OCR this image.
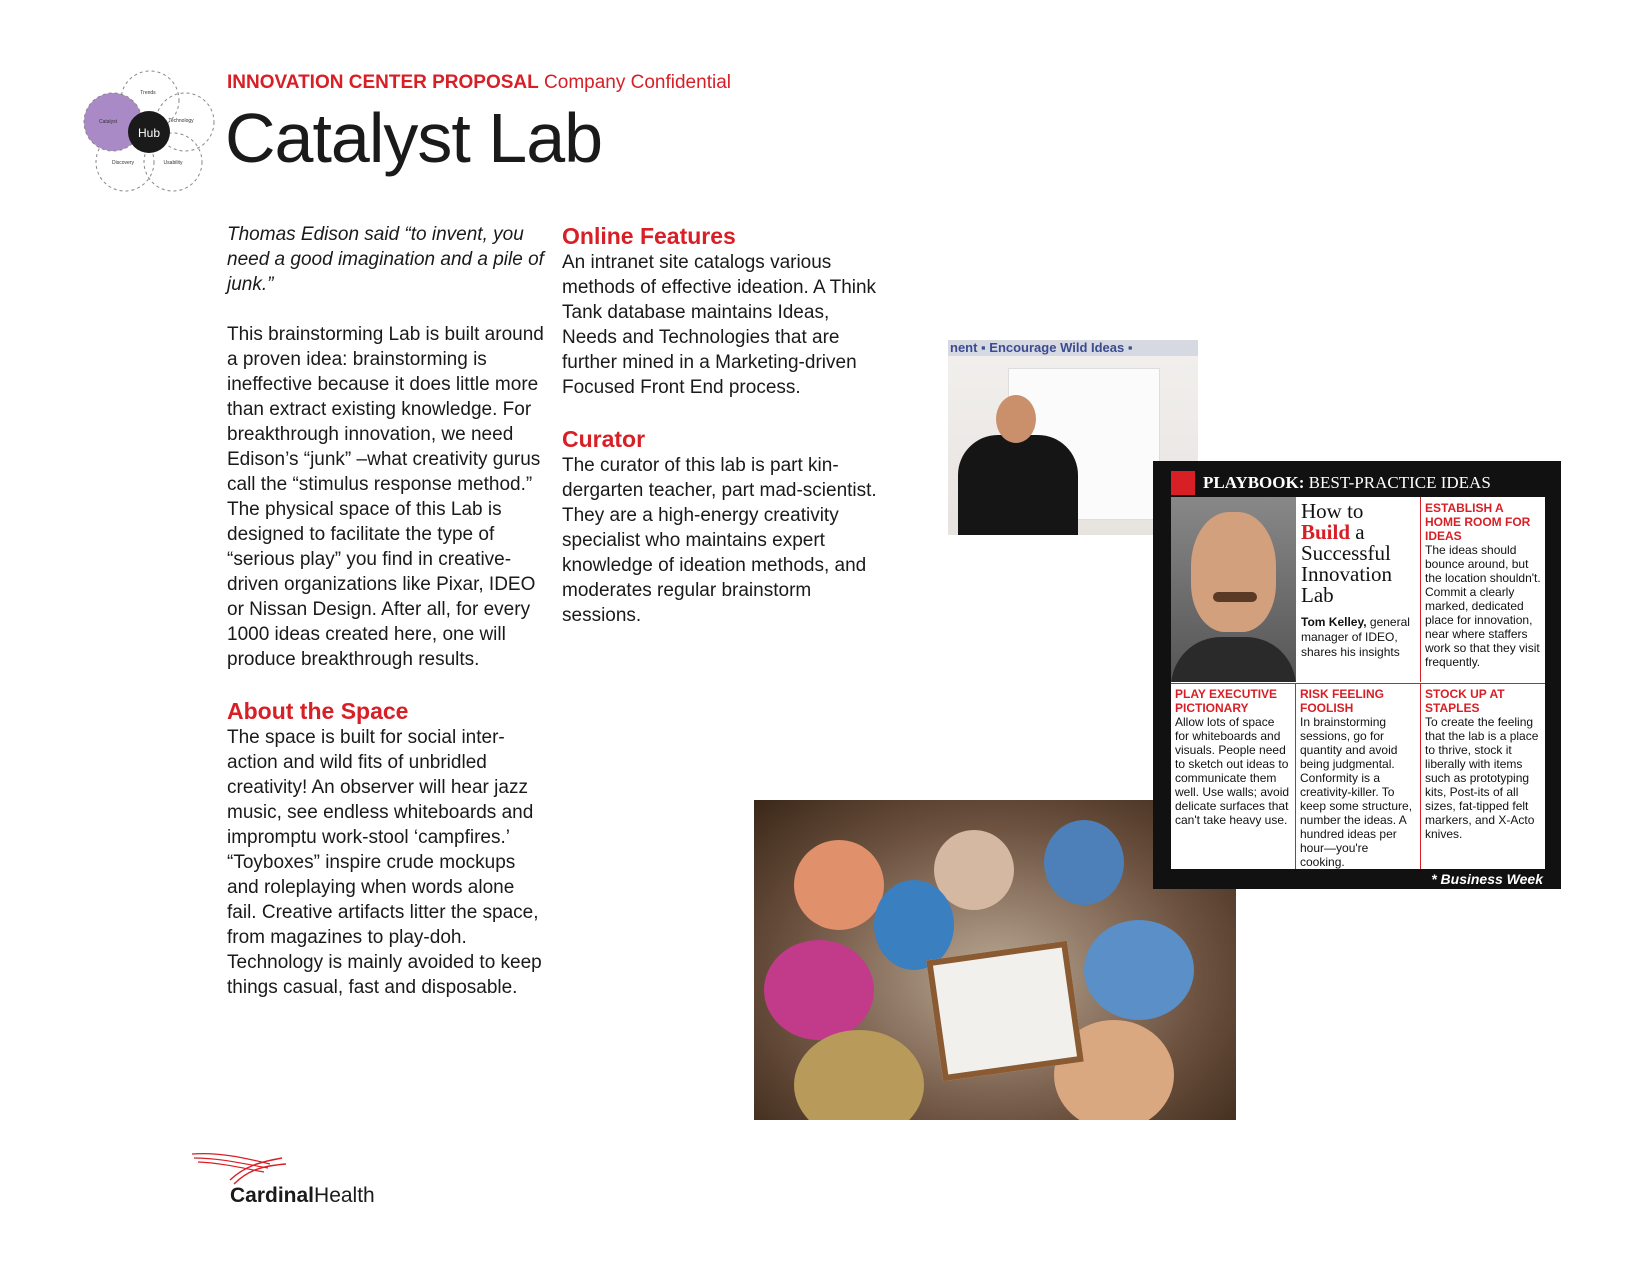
Hub
Trends
Technology
Usability
Discovery
Catalyst
INNOVATION CENTER PROPOSAL Company Confidential
Catalyst Lab

Thomas Edison said “to invent, you need a good imagination and a pile of junk.”

This brainstorming Lab is built around a proven idea: brainstorming is ineffective because it does little more than extract existing knowledge. For breakthrough innovation, we need Edison’s “junk” –what creativity gurus call the “stimulus response method.” The physical space of this Lab is designed to facilitate the type of “serious play” you find in creative-driven organizations like Pixar, IDEO or Nissan Design. After all, for every 1000 ideas created here, one will produce breakthrough results.

About the Space

The space is built for social interaction and wild fits of unbridled creativity! An observer will hear jazz music, see endless whiteboards and impromptu work-stool ‘campfires.’ “Toyboxes” inspire crude mockups and roleplaying when words alone fail. Creative artifacts litter the space, from magazines to play-doh. Technology is mainly avoided to keep things casual, fast and disposable.

Online Features

An intranet site catalogs various methods of effective ideation. A Think Tank database maintains Ideas, Needs and Technologies that are further mined in a Marketing-driven Focused Front End process.

Curator

The curator of this lab is part kindergarten teacher, part mad-scientist. They are a high-energy creativity specialist who maintains expert knowledge of ideation methods, and moderates regular brainstorm sessions.

nent ▪ Encourage Wild Ideas ▪
PLAYBOOK: BEST-PRACTICE IDEAS
How to
Build a Successful Innovation Lab
Tom Kelley, general manager of IDEO, shares his insights
ESTABLISH A HOME ROOM FOR IDEAS
The ideas should bounce around, but the location shouldn't. Commit a clearly marked, dedicated place for innovation, near where staffers work so that they visit frequently.
PLAY EXECUTIVE PICTIONARY
Allow lots of space for whiteboards and visuals. People need to sketch out ideas to communicate them well. Use walls; avoid delicate surfaces that can't take heavy use.
RISK FEELING FOOLISH
In brainstorming sessions, go for quantity and avoid being judgmental. Conformity is a creativity-killer. To keep some structure, number the ideas. A hundred ideas per hour—you're cooking.
STOCK UP AT STAPLES
To create the feeling that the lab is a place to thrive, stock it liberally with items such as prototyping kits, Post-its of all sizes, fat-tipped felt markers, and X-Acto knives.
* Business Week
CardinalHealth
